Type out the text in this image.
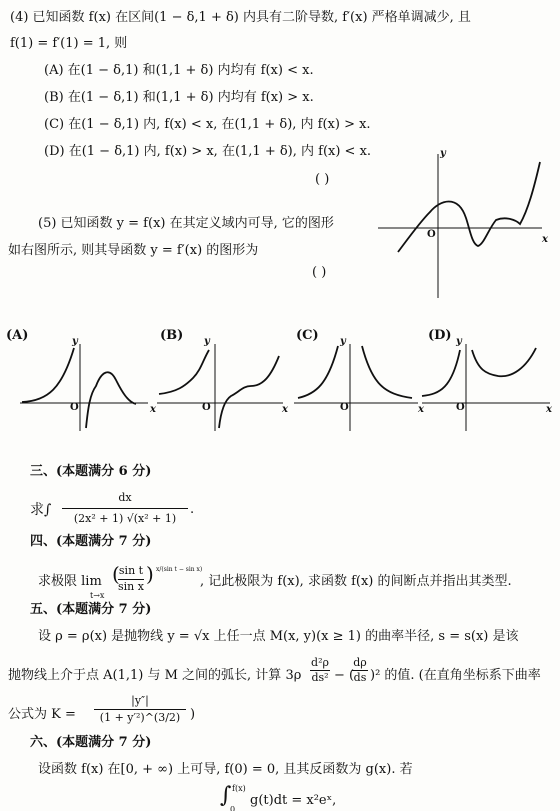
(4) 已知函数 f(x) 在区间(1 − δ,1 + δ) 内具有二阶导数, f′(x) 严格单调减少, 且
f(1) = f′(1) = 1, 则
(A) 在(1 − δ,1) 和(1,1 + δ) 内均有 f(x) < x.
(B) 在(1 − δ,1) 和(1,1 + δ) 内均有 f(x) > x.
(C) 在(1 − δ,1) 内, f(x) < x, 在(1,1 + δ), 内 f(x) > x.
(D) 在(1 − δ,1) 内, f(x) > x, 在(1,1 + δ), 内 f(x) < x.
( )
(5) 已知函数 y = f(x) 在其定义域内可导, 它的图形
如右图所示, 则其导函数 y = f′(x) 的图形为
( )
y
x
O
(A)	y
x
O
(B) y
x
O
(C) y
x
O
(D) y
x
O
三、(本题满分 6 分)
求∫
dx
(2x² + 1) √(x² + 1)
.
四、(本题满分 7 分)
求极限 lim
t→x
( sin t
sin x
) x/(sin t − sin x)
, 记此极限为 f(x), 求函数 f(x) 的间断点并指出其类型.
五、(本题满分 7 分)
设 ρ = ρ(x) 是抛物线 y = √x 上任一点 M(x, y)(x ≥ 1) 的曲率半径, s = s(x) 是该
抛物线上介于点 A(1,1) 与 M 之间的弧长, 计算 3ρ
d²ρ
ds² − (
dρ
ds )² 的值. (在直角坐标系下曲率
公式为 K =
|y″|
(1 + y′²)^(3/2) )
六、(本题满分 7 分)
设函数 f(x) 在[0, + ∞) 上可导, f(0) = 0, 且其反函数为 g(x). 若
∫ f(x)
0
g(t)dt = x²eˣ,
